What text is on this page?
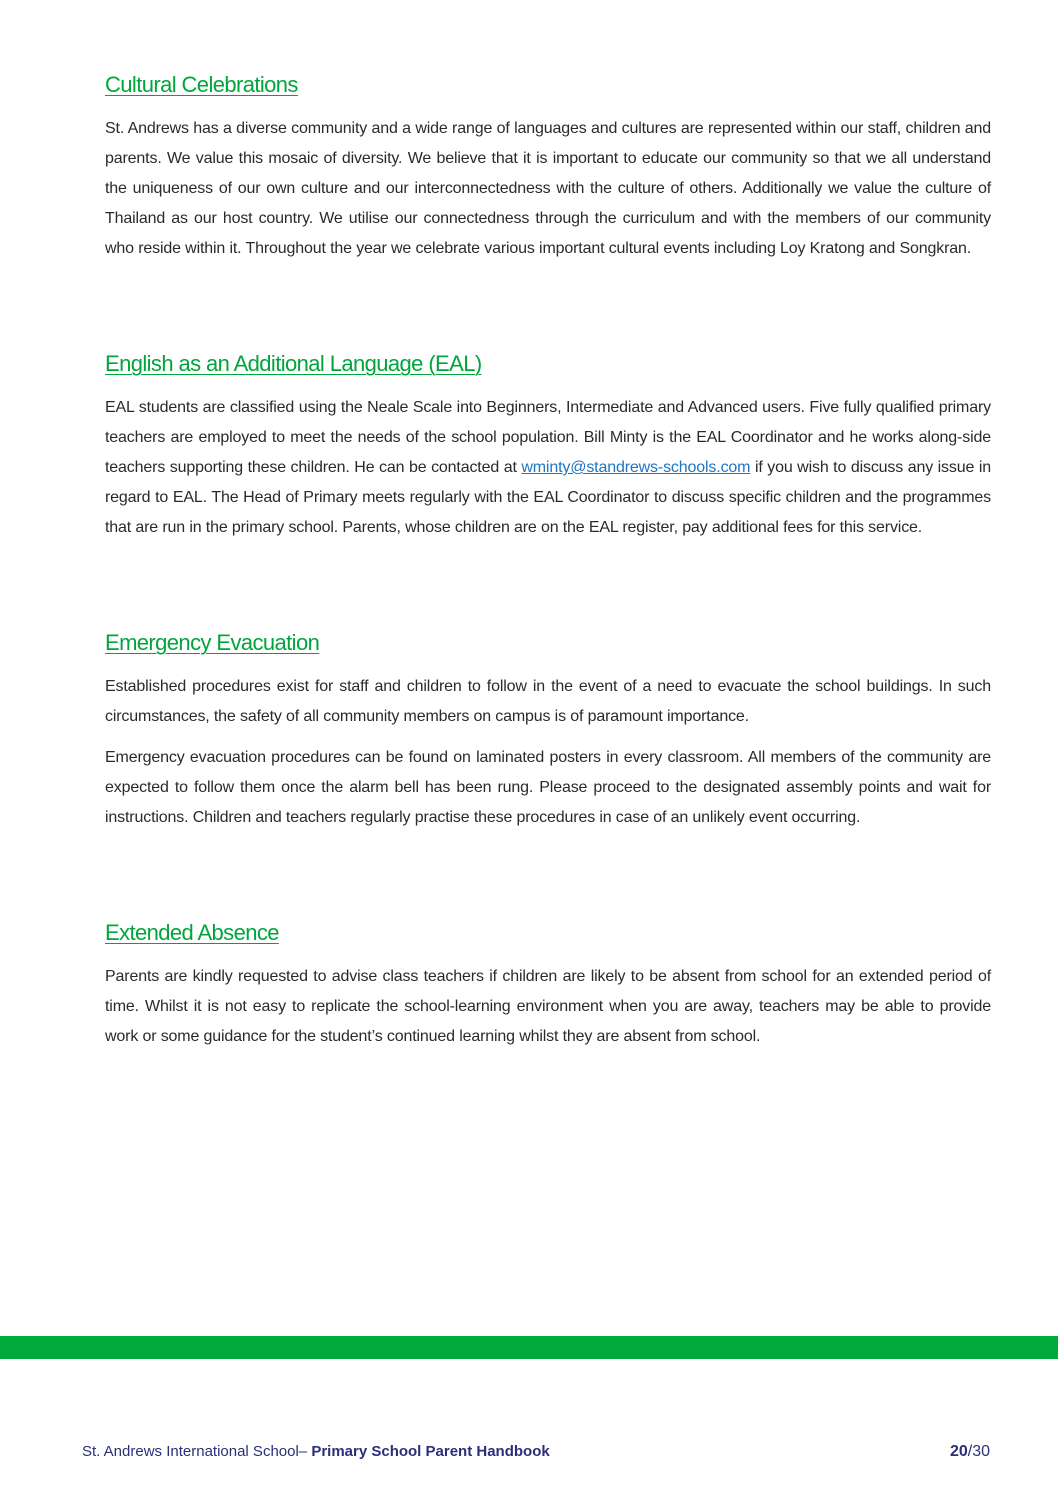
Cultural Celebrations

St. Andrews has a diverse community and a wide range of languages and cultures are represented within our staff, children and parents. We value this mosaic of diversity. We believe that it is important to educate our community so that we all understand the uniqueness of our own culture and our interconnectedness with the culture of others. Additionally we value the culture of Thailand as our host country. We utilise our connectedness through the curriculum and with the members of our community who reside within it. Throughout the year we celebrate various important cultural events including Loy Kratong and Songkran.

English as an Additional Language (EAL)

EAL students are classified using the Neale Scale into Beginners, Intermediate and Advanced users. Five fully qualified primary teachers are employed to meet the needs of the school population. Bill Minty is the EAL Coordinator and he works along-side teachers supporting these children. He can be contacted at wminty@standrews-schools.com if you wish to discuss any issue in regard to EAL. The Head of Primary meets regularly with the EAL Coordinator to discuss specific children and the programmes that are run in the primary school. Parents, whose children are on the EAL register, pay additional fees for this service.

Emergency Evacuation

Established procedures exist for staff and children to follow in the event of a need to evacuate the school buildings. In such circumstances, the safety of all community members on campus is of paramount importance.

Emergency evacuation procedures can be found on laminated posters in every classroom. All members of the community are expected to follow them once the alarm bell has been rung. Please proceed to the designated assembly points and wait for instructions. Children and teachers regularly practise these procedures in case of an unlikely event occurring.

Extended Absence

Parents are kindly requested to advise class teachers if children are likely to be absent from school for an extended period of time. Whilst it is not easy to replicate the school-learning environment when you are away, teachers may be able to provide work or some guidance for the student’s continued learning whilst they are absent from school.

St. Andrews International School– Primary School Parent Handbook	20/30
